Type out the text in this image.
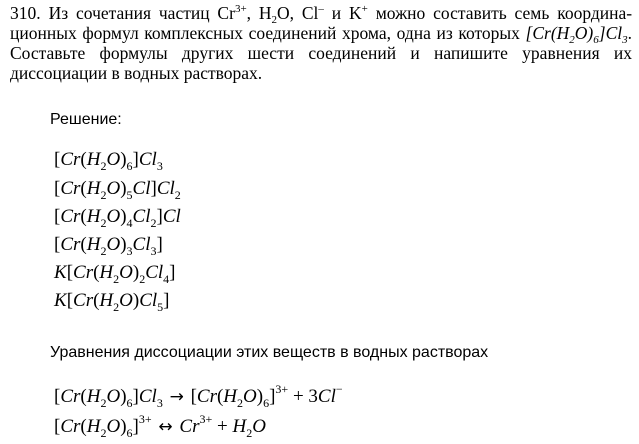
310. Из сочетания частиц $Cr^{3+}$, $H_2O$, Cl– и K+ можно составить семь координа-ционных формул комплексных соединений хрома, одна из которых $[Cr(H_2O)_6]Cl_3$. Составьте формулы других шести соединений и напишите уравнения их диссоциации в водных растворах.

Решение:
$[Cr(H_2O)_6]Cl_3$
$[Cr(H_2O)_5Cl]Cl_2$
$[Cr(H_2O)_4Cl_2]Cl$
$[Cr(H_2O)_3Cl_3]$
$K[Cr(H_2O)_2Cl_4]$
$K[Cr(H_2O)Cl_5]$
Уравнения диссоциации этих веществ в водных растворах
$[Cr(H_2O)_6]Cl_3 \to [Cr(H_2O)_6]^{3+} + 3Cl^-$
$[Cr(H_2O)_6]^{3+}$ ↔ $Cr^{3+} + H_2O$
